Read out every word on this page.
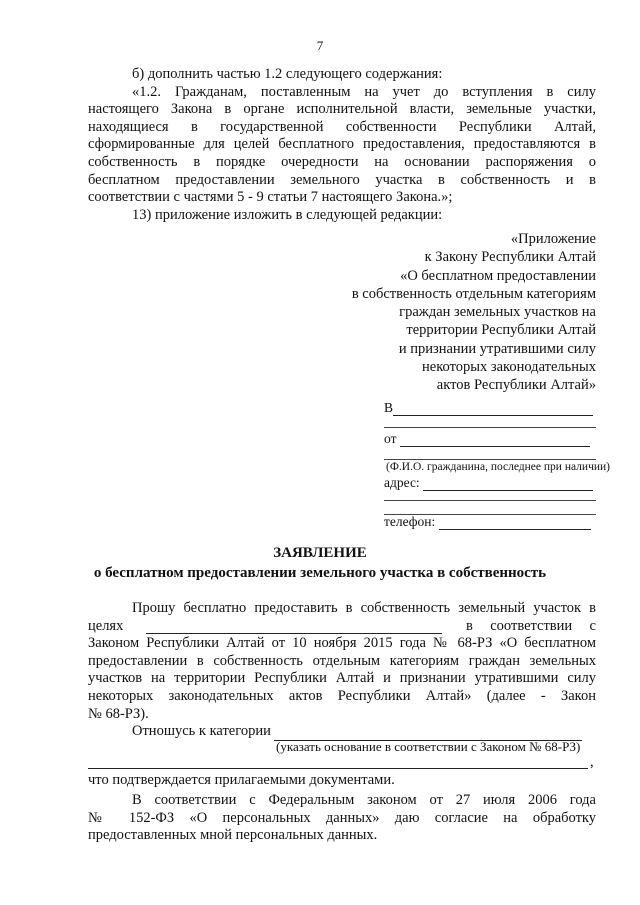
7
б) дополнить частью 1.2 следующего содержания:
«1.2. Гражданам, поставленным на учет до вступления в силу
настоящего Закона в органе исполнительной власти, земельные участки,
находящиеся в государственной собственности Республики Алтай,
сформированные для целей бесплатного предоставления, предоставляются в
собственность в порядке очередности на основании распоряжения о
бесплатном предоставлении земельного участка в собственность и в
соответствии с частями 5 - 9 статьи 7 настоящего Закона.»;
13) приложение изложить в следующей редакции:
«Приложение
к Закону Республики Алтай
«О бесплатном предоставлении
в собственность отдельным категориям
граждан земельных участков на
территории Республики Алтай
и признании утратившими силу
некоторых законодательных
актов Республики Алтай»
В
от
(Ф.И.О. гражданина, последнее при наличии)
адрес:
телефон:
ЗАЯВЛЕНИЕ
о бесплатном предоставлении земельного участка в собственность
Прошу бесплатно предоставить в собственность земельный участок в
целях	в соответствии с
Законом Республики Алтай от 10 ноября 2015 года № 68-РЗ «О бесплатном
предоставлении в собственность отдельным категориям граждан земельных
участков на территории Республики Алтай и признании утратившими силу
некоторых законодательных актов Республики Алтай» (далее - Закон
№ 68-РЗ).
Отношусь к категории
(указать основание в соответствии с Законом № 68-РЗ)
,
что подтверждается прилагаемыми документами.
В соответствии с Федеральным законом от 27 июля 2006 года
№ 152-ФЗ «О персональных данных» даю согласие на обработку
предоставленных мной персональных данных.
